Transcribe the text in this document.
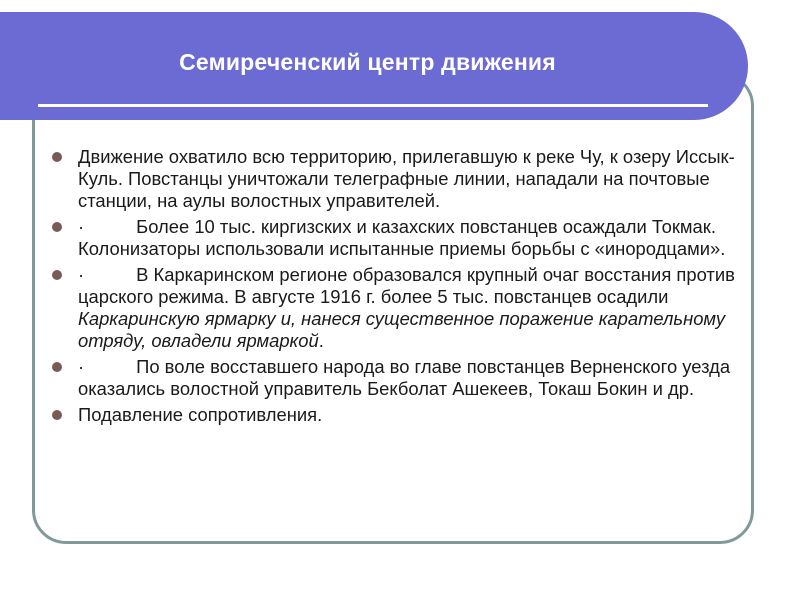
Семиреченский центр движения
Движение охватило всю территорию, прилегавшую к реке Чу, к озеру Иссык-Куль. Повстанцы уничтожали телеграфные линии, нападали на почтовые станции, на аулы волостных управителей.
·	Более 10 тыс. киргизских и казахских повстанцев осаждали Токмак. Колонизаторы использовали испытанные приемы борьбы с «инородцами».
·	В Каркаринском регионе образовался крупный очаг восстания против царского режима. В августе 1916 г. более 5 тыс. повстанцев осадили Каркаринскую ярмарку и, нанеся существенное поражение карательному отряду, овладели ярмаркой.
·	По воле восставшего народа во главе повстанцев Верненского уезда оказались волостной управитель Бекболат Ашекеев, Токаш Бокин и др.
Подавление сопротивления.
